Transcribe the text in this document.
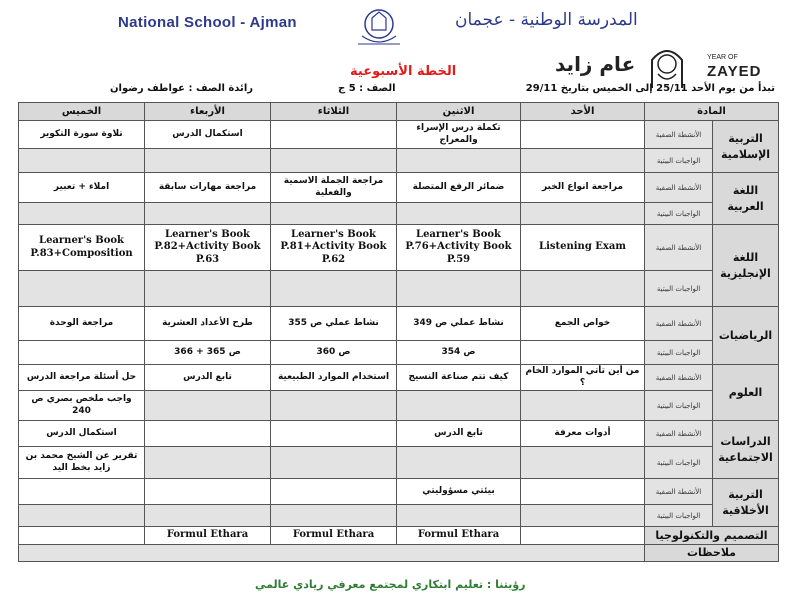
National School - Ajman	المدرسة الوطنية - عجمان
عام زايد	YEAR OF
ZAYED
الخطة الأسبوعية
تبدأ من يوم الأحد 25/11 إلى الخميس بتاريخ 29/11
الصف : 5 ج
رائدة الصف : عواطف رضوان
المادة		الأحد	الاثنين	الثلاثاء	الأربعاء	الخميس
التربية الإسلامية	الأنشطة الصفية		تكملة درس الإسراء والمعراج		استكمال الدرس	تلاوة سورة التكوير
	الواجبات البيتية					
اللغة العربية	الأنشطة الصفية	مراجعة انواع الخبر	ضمائر الرفع المتصلة	مراجعة الجملة الاسمية والفعلية	مراجعة مهارات سابقة	املاء + تعبير
	الواجبات البيتية					
اللغة الإنجليزية	الأنشطة الصفية	Listening Exam	Learner's Book P.76+Activity Book P.59	Learner's Book P.81+Activity Book P.62	Learner's Book P.82+Activity Book P.63	Learner's Book P.83+Composition
	الواجبات البيتية					
الرياضيات	الأنشطة الصفية	خواص الجمع	نشاط عملي ص 349	نشاط عملي ص 355	طرح الأعداد العشرية	مراجعة الوحدة
	الواجبات البيتية		ص 354	ص 360	ص 365 + 366	
العلوم	الأنشطة الصفية	من أين تأتي الموارد الخام ؟	كيف تتم صناعة النسيج	استخدام الموارد الطبيعية	تابع الدرس	حل أسئلة مراجعة الدرس
	الواجبات البيتية					واجب ملخص بصري ص 240
الدراسات الاجتماعية	الأنشطة الصفية	أدوات معرفة	تابع الدرس			استكمال الدرس
	الواجبات البيتية					تقرير عن الشيخ محمد بن زايد بخط اليد
التربية الأخلاقية	الأنشطة الصفية		بيئتي مسؤوليتي			
	الواجبات البيتية					
التصميم والتكنولوجيا			Formul Ethara	Formul Ethara	Formul Ethara	
ملاحظات						
رؤيتنا : تعليم ابتكاري لمجتمع معرفي ريادي عالمي
